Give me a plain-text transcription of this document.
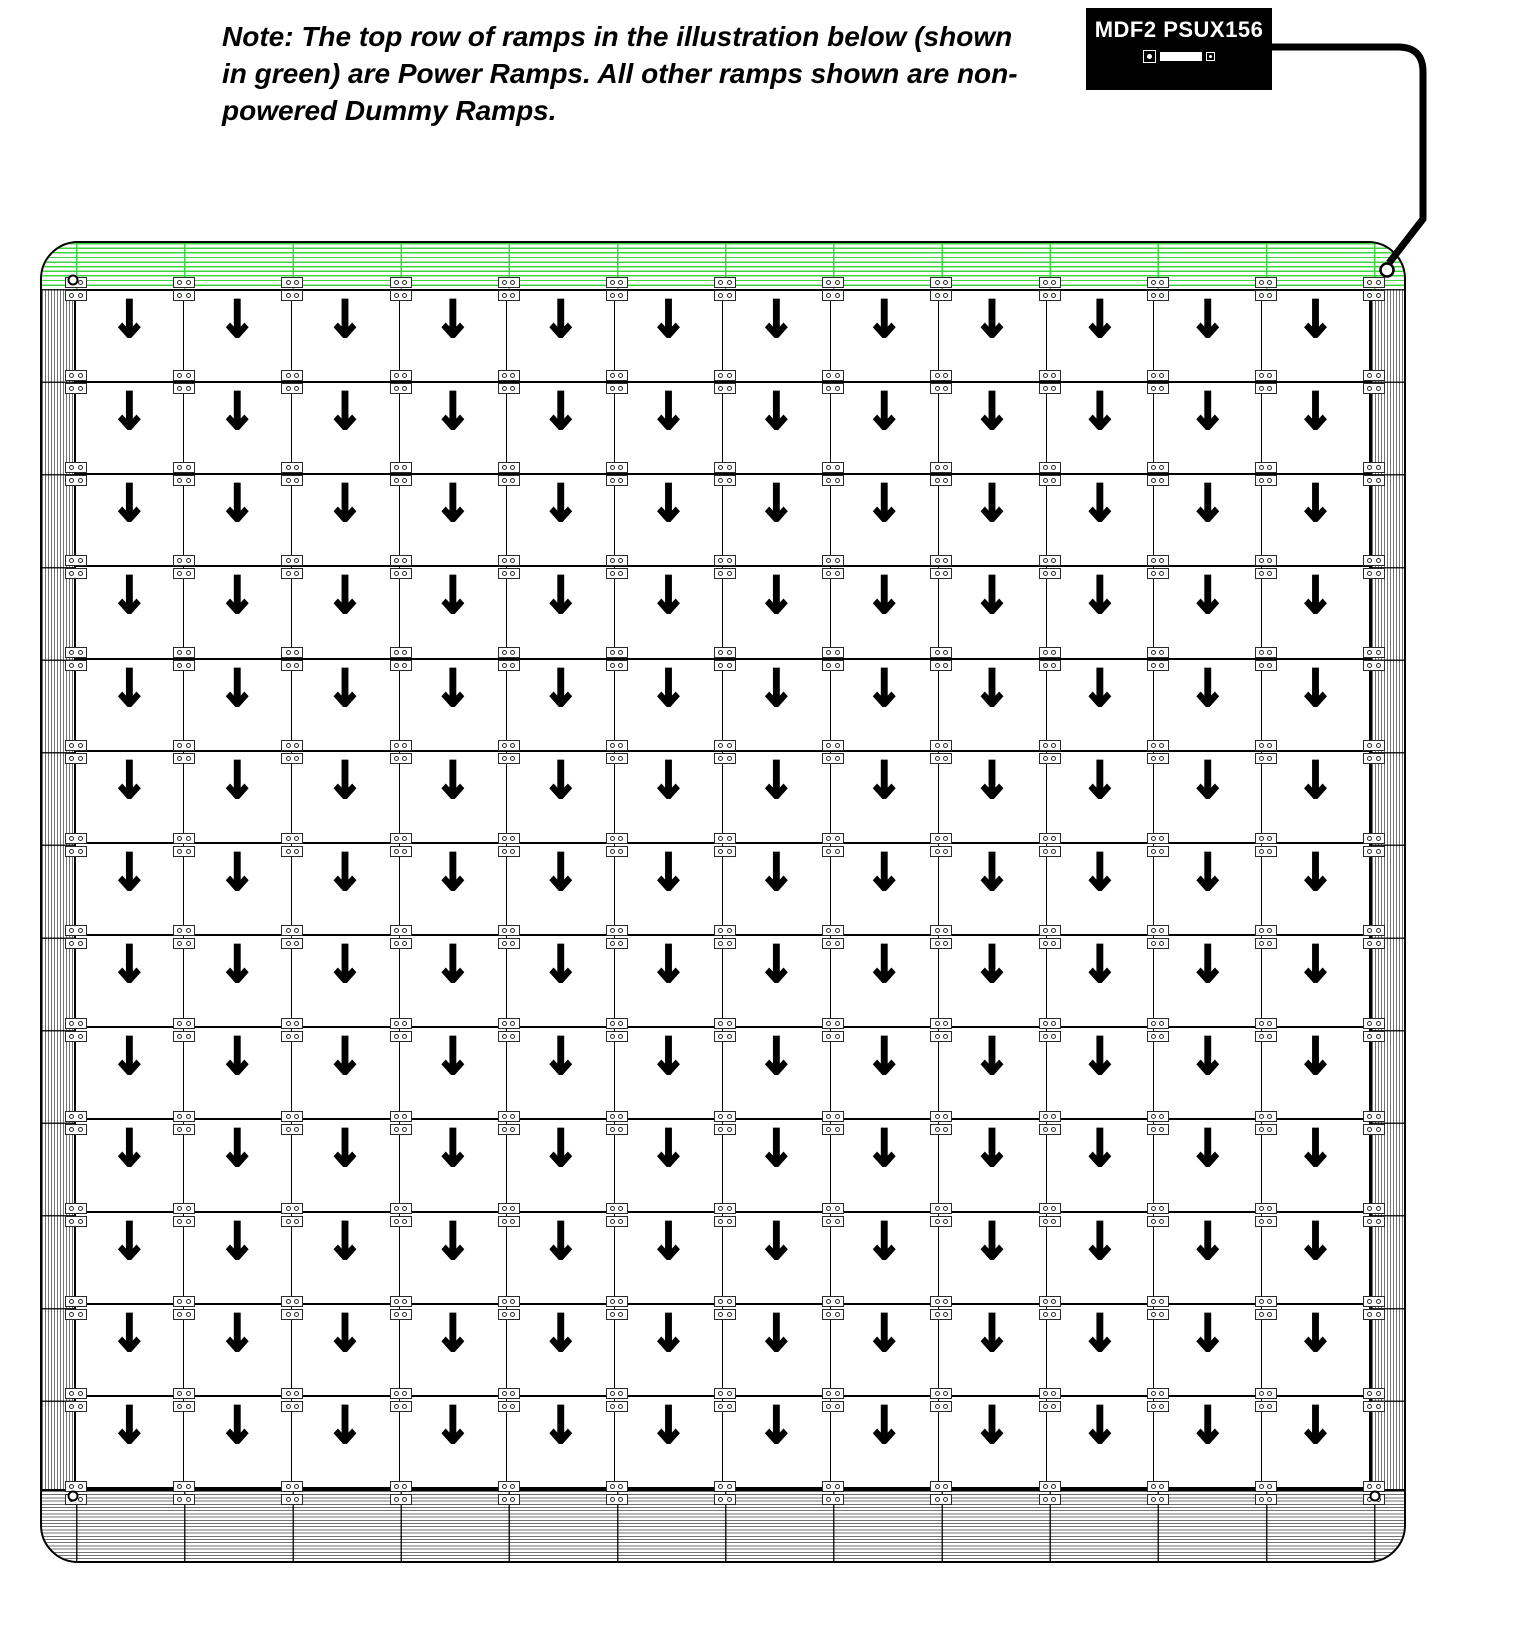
Note: The top row of ramps in the illustration below (shown in green) are Power Ramps. All other ramps shown are non-powered Dummy Ramps.

MDF2 PSUX156
↓ ↓ ↓ ↓ ↓ ↓ ↓ ↓ ↓ ↓ ↓ ↓
↓ ↓ ↓ ↓ ↓ ↓ ↓ ↓ ↓ ↓ ↓ ↓
↓ ↓ ↓ ↓ ↓ ↓ ↓ ↓ ↓ ↓ ↓ ↓
↓ ↓ ↓ ↓ ↓ ↓ ↓ ↓ ↓ ↓ ↓ ↓
↓ ↓ ↓ ↓ ↓ ↓ ↓ ↓ ↓ ↓ ↓ ↓
↓ ↓ ↓ ↓ ↓ ↓ ↓ ↓ ↓ ↓ ↓ ↓
↓ ↓ ↓ ↓ ↓ ↓ ↓ ↓ ↓ ↓ ↓ ↓
↓ ↓ ↓ ↓ ↓ ↓ ↓ ↓ ↓ ↓ ↓ ↓
↓ ↓ ↓ ↓ ↓ ↓ ↓ ↓ ↓ ↓ ↓ ↓
↓ ↓ ↓ ↓ ↓ ↓ ↓ ↓ ↓ ↓ ↓ ↓
↓ ↓ ↓ ↓ ↓ ↓ ↓ ↓ ↓ ↓ ↓ ↓
↓ ↓ ↓ ↓ ↓ ↓ ↓ ↓ ↓ ↓ ↓ ↓
↓ ↓ ↓ ↓ ↓ ↓ ↓ ↓ ↓ ↓ ↓ ↓
